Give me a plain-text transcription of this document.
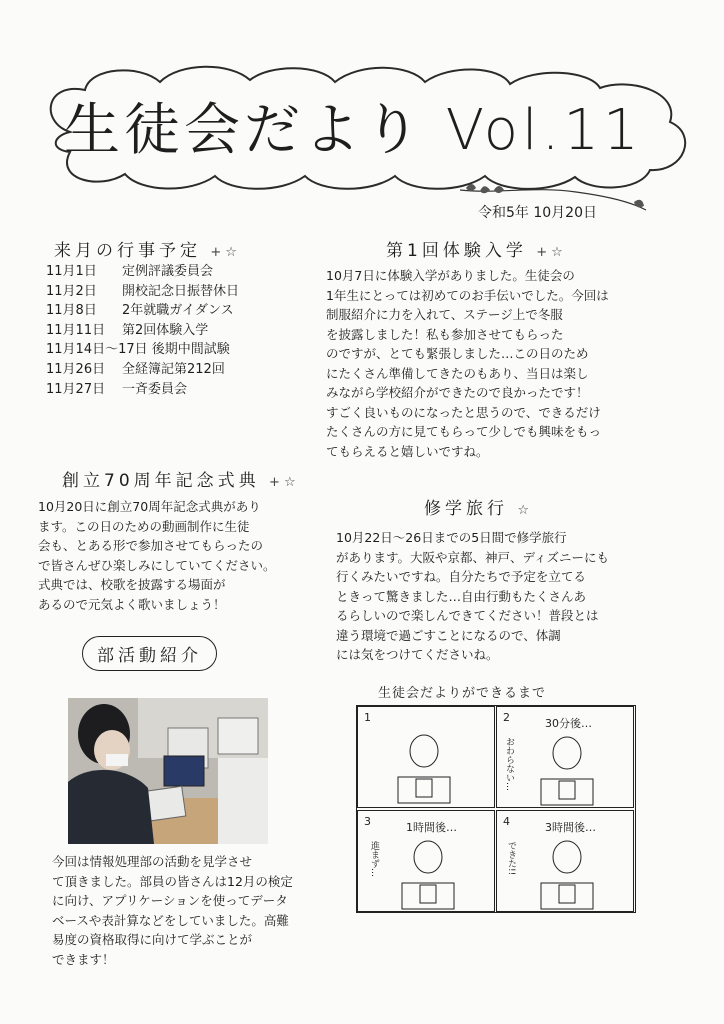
生徒会だより Vol.11
令和5年 10月20日
来月の行事予定 +☆
11月1日 定例評議委員会
11月2日 開校記念日振替休日
11月8日 2年就職ガイダンス
11月11日 第2回体験入学
11月14日～17日 後期中間試験
11月26日 全経簿記第212回
11月27日 一斉委員会
第1回体験入学 +☆
10月7日に体験入学がありました。生徒会の
1年生にとっては初めてのお手伝いでした。今回は
制服紹介に力を入れて、ステージ上で冬服
を披露しました！私も参加させてもらった
のですが、とても緊張しました…この日のため
にたくさん準備してきたのもあり、当日は楽し
みながら学校紹介ができたので良かったです！
すごく良いものになったと思うので、できるだけ
たくさんの方に見てもらって少しでも興味をもっ
てもらえると嬉しいですね。
創立70周年記念式典 +☆
10月20日に創立70周年記念式典があり
ます。この日のための動画制作に生徒
会も、とある形で参加させてもらったの
で皆さんぜひ楽しみにしていてください。
式典では、校歌を披露する場面が
あるので元気よく歌いましょう！
修学旅行 ☆
10月22日～26日までの5日間で修学旅行
があります。大阪や京都、神戸、ディズニーにも
行くみたいですね。自分たちで予定を立てる
ときって驚きました…自由行動もたくさんあ
るらしいので楽しんできてください！普段とは
違う環境で過ごすことになるので、体調
には気をつけてくださいね。
部活動紹介
今回は情報処理部の活動を見学させ
て頂きました。部員の皆さんは12月の検定
に向け、アプリケーションを使ってデータ
ベースや表計算などをしていました。高難
易度の資格取得に向けて学ぶことが
できます！
生徒会だよりができるまで
1	2	30分後…
おわらない…
3	1時間後…
進まず…
4	3時間後…
できた!!
